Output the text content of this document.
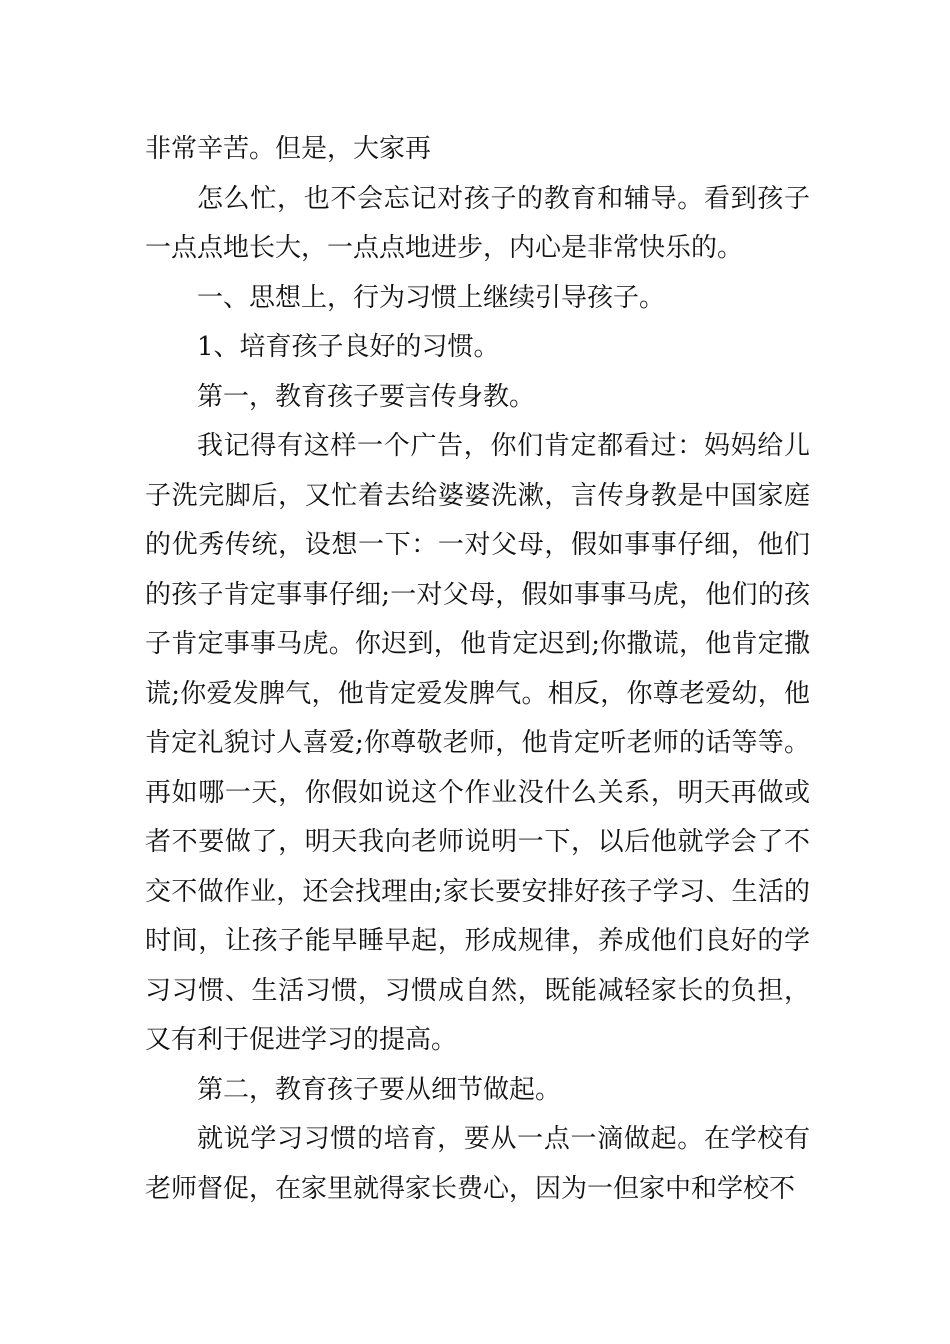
非常辛苦。但是，大家再

怎么忙，也不会忘记对孩子的教育和辅导。看到孩子一点点地长大，一点点地进步，内心是非常快乐的。

一、思想上，行为习惯上继续引导孩子。

1、培育孩子良好的习惯。

第一，教育孩子要言传身教。

我记得有这样一个广告，你们肯定都看过：妈妈给儿子洗完脚后，又忙着去给婆婆洗漱，言传身教是中国家庭的优秀传统，设想一下：一对父母，假如事事仔细，他们的孩子肯定事事仔细;一对父母，假如事事马虎，他们的孩子肯定事事马虎。你迟到，他肯定迟到;你撒谎，他肯定撒谎;你爱发脾气，他肯定爱发脾气。相反，你尊老爱幼，他肯定礼貌讨人喜爱;你尊敬老师，他肯定听老师的话等等。再如哪一天，你假如说这个作业没什么关系，明天再做或者不要做了，明天我向老师说明一下，以后他就学会了不交不做作业，还会找理由;家长要安排好孩子学习、生活的时间，让孩子能早睡早起，形成规律，养成他们良好的学习习惯、生活习惯，习惯成自然，既能减轻家长的负担，又有利于促进学习的提高。

第二，教育孩子要从细节做起。

就说学习习惯的培育，要从一点一滴做起。在学校有老师督促，在家里就得家长费心，因为一但家中和学校不
